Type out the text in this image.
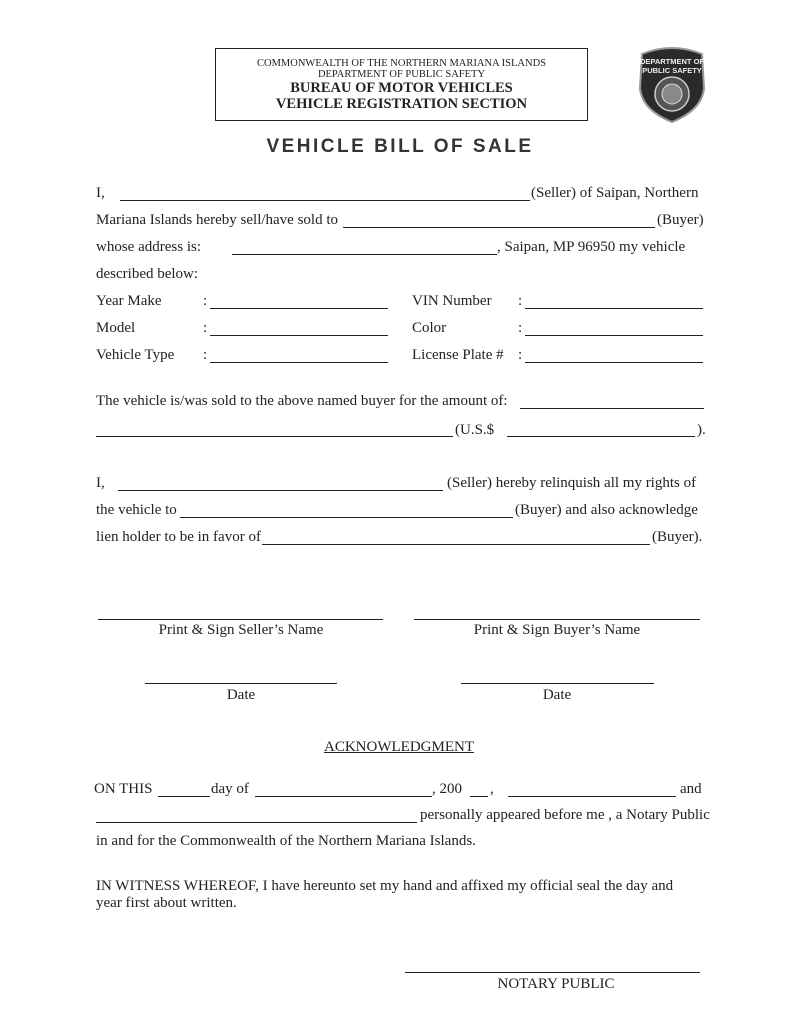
COMMONWEALTH OF THE NORTHERN MARIANA ISLANDS
DEPARTMENT OF PUBLIC SAFETY
BUREAU OF MOTOR VEHICLES
VEHICLE REGISTRATION SECTION
DEPARTMENT OF
PUBLIC SAFETY
VEHICLE BILL OF SALE
I,	(Seller) of Saipan, Northern
Mariana Islands hereby sell/have sold to	(Buyer)
whose address is:	, Saipan, MP 96950 my vehicle
described below:
Year Make	:	VIN Number :
Model	:	Color	:
Vehicle Type :	License Plate # :
The vehicle is/was sold to the above named buyer for the amount of:
(U.S.$	).
I,	(Seller) hereby relinquish all my rights of
the vehicle to	(Buyer) and also acknowledge
lien holder to be in favor of	(Buyer).
Print & Sign Seller’s Name	Print & Sign Buyer’s Name
Date	Date
ACKNOWLEDGMENT
ON THIS	day of	, 200 ,	and
personally appeared before me , a Notary Public
in and for the Commonwealth of the Northern Mariana Islands.
IN WITNESS WHEREOF, I have hereunto set my hand and affixed my official seal the day and
year first about written.
NOTARY PUBLIC
